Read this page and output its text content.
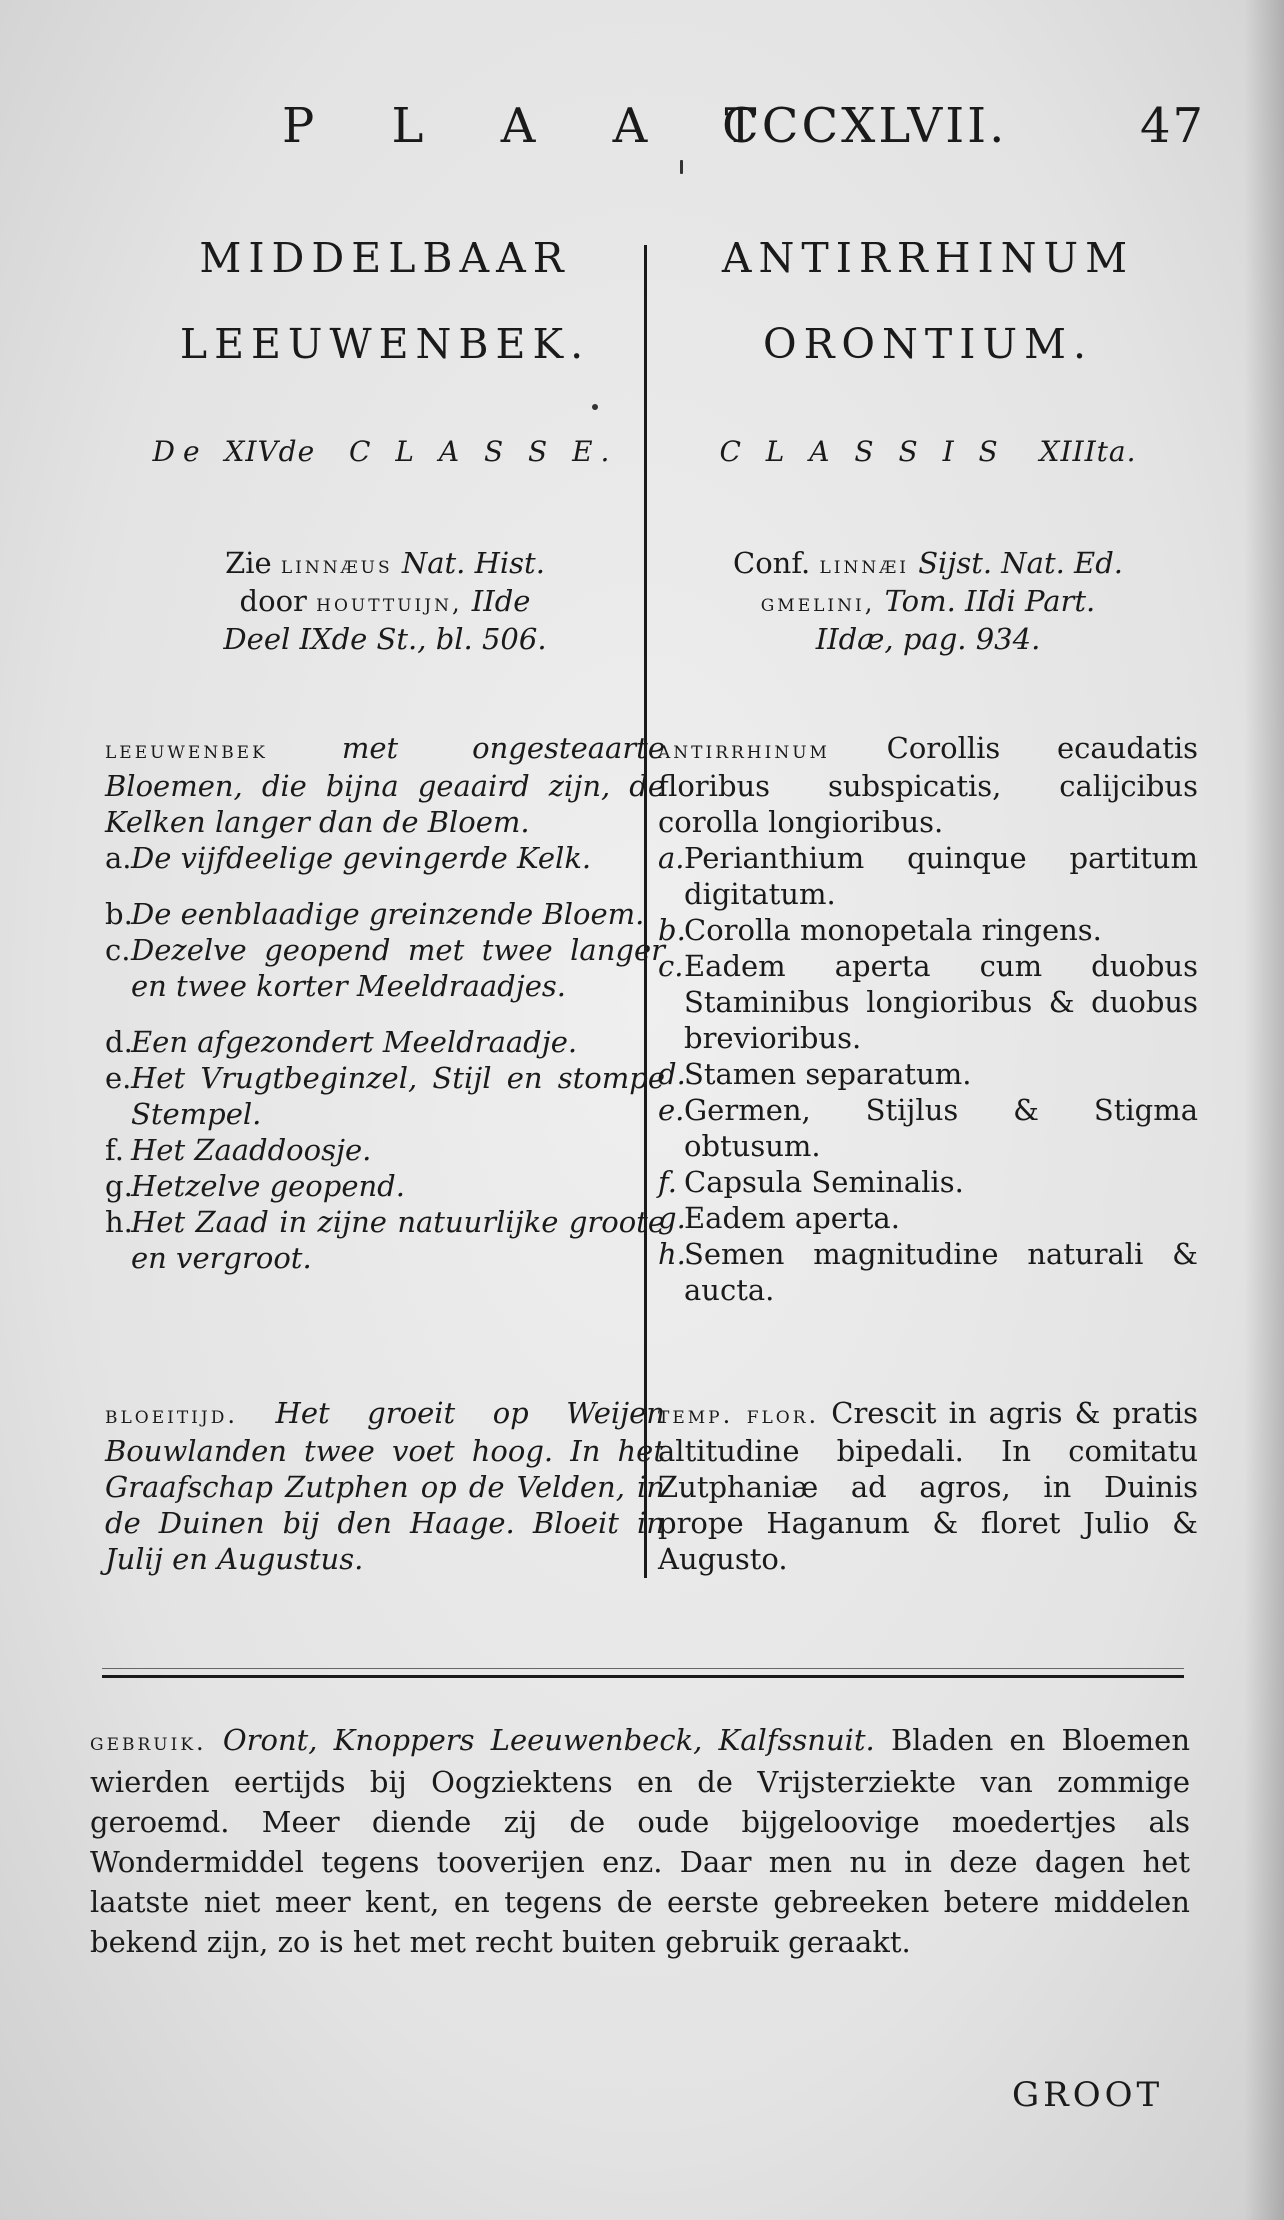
P L A A T
CCCXLVII.	47
MIDDELBAAR
LEEUWENBEK.
De XIVde C L A S S E.
Zie linnæus Nat. Hist.
door houttuijn, IIde
Deel IXde St., bl. 506.
leeuwenbek	met ongesteaarte Bloemen, die bijna geaaird zijn, de Kelken langer dan de Bloem.
a. De vijfdeelige gevingerde Kelk.
b.
De eenblaadige greinzende Bloem.
c. Dezelve geopend met twee langer en twee korter Meeldraadjes.
d.
Een afgezondert Meeldraadje.
e. Het Vrugtbeginzel, Stijl en stompe Stempel.
f. Het Zaaddoosje.
g.
Hetzelve geopend.
h.
Het Zaad in zijne natuurlijke groote en vergroot.
bloeitijd. Het groeit op Weijen Bouwlanden twee voet hoog. In het Graafschap Zutphen op de Velden, in de Duinen bij den Haage. Bloeit in Julij en Augustus.
ANTIRRHINUM
ORONTIUM.
C L A S S I S XIIIta.
Conf. linnæi Sijst. Nat. Ed.
gmelini, Tom. IIdi Part.
IIdæ, pag. 934.
antirrhinum Corollis ecaudatis floribus subspicatis, calijcibus corolla longioribus.
a. Perianthium quinque partitum digitatum.
b.
Corolla monopetala ringens.
c. Eadem aperta cum duobus Staminibus longioribus & duobus brevioribus.
d.
Stamen separatum.
e. Germen, Stijlus & Stigma obtusum.
f. Capsula Seminalis.
g.
Eadem aperta.
h.
Semen magnitudine naturali & aucta.
temp. flor. Crescit in agris & pratis altitudine bipedali. In comitatu Zutphaniæ ad agros, in Duinis prope Haganum & floret Julio & Augusto.
gebruik. Oront, Knoppers Leeuwenbeck, Kalfssnuit. Bladen en Bloemen wierden eertijds bij Oogziektens en de Vrijsterziekte van zommige geroemd. Meer diende zij de oude bijgeloovige moedertjes als Wondermiddel tegens tooverijen enz. Daar men nu in deze dagen het laatste niet meer kent, en tegens de eerste gebreeken betere middelen bekend zijn, zo is het met recht buiten gebruik geraakt.
GROOT
